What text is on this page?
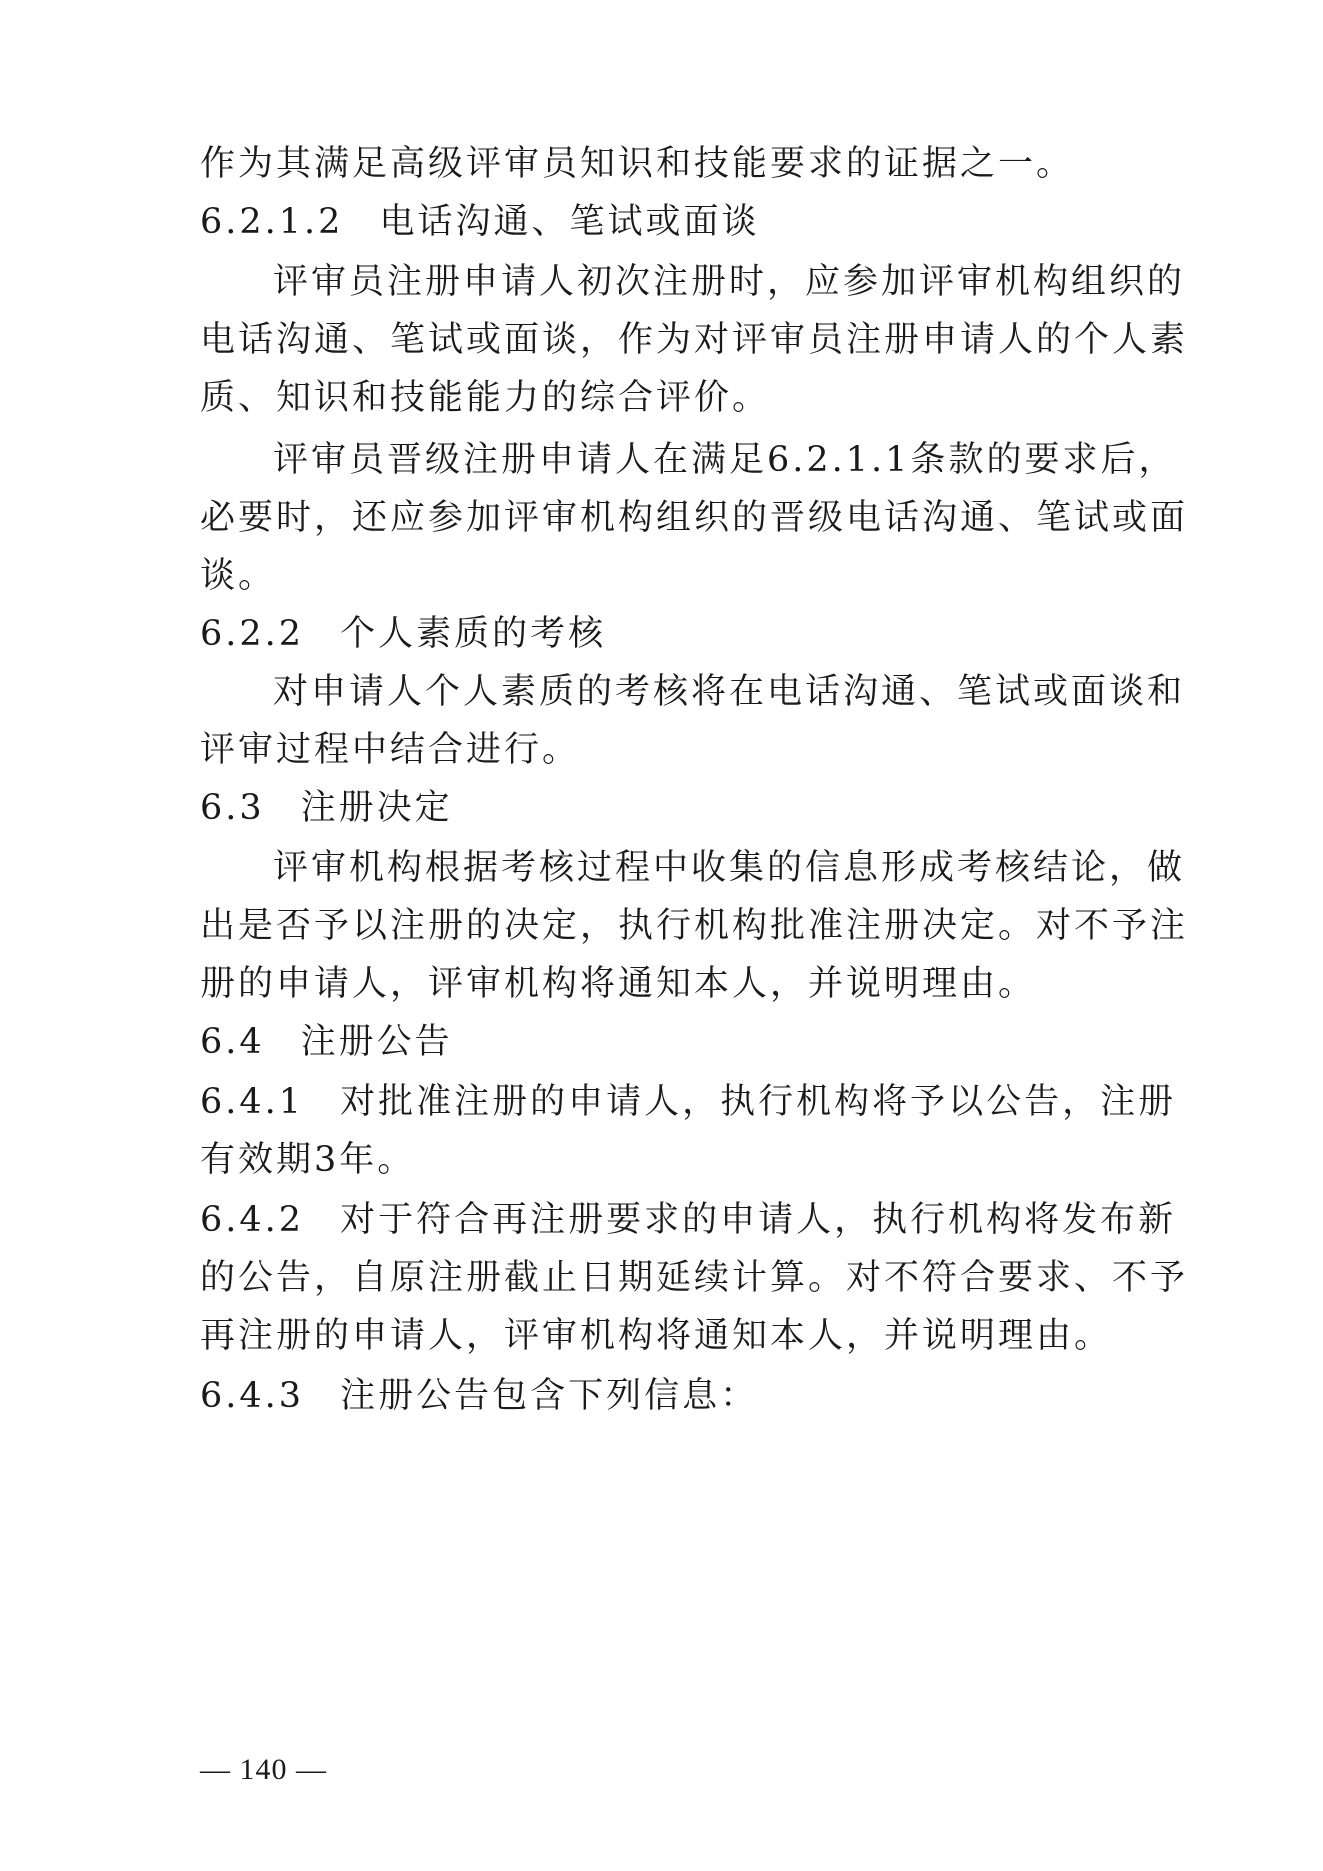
作为其满足高级评审员知识和技能要求的证据之一。
6.2.1.2 电话沟通、笔试或面谈
评审员注册申请人初次注册时，应参加评审机构组织的
电话沟通、笔试或面谈，作为对评审员注册申请人的个人素
质、知识和技能能力的综合评价。
评审员晋级注册申请人在满足6.2.1.1条款的要求后，
必要时，还应参加评审机构组织的晋级电话沟通、笔试或面
谈。
6.2.2 个人素质的考核
对申请人个人素质的考核将在电话沟通、笔试或面谈和
评审过程中结合进行。
6.3 注册决定
评审机构根据考核过程中收集的信息形成考核结论，做
出是否予以注册的决定，执行机构批准注册决定。对不予注
册的申请人，评审机构将通知本人，并说明理由。
6.4 注册公告
6.4.1 对批准注册的申请人，执行机构将予以公告，注册
有效期3年。
6.4.2 对于符合再注册要求的申请人，执行机构将发布新
的公告，自原注册截止日期延续计算。对不符合要求、不予
再注册的申请人，评审机构将通知本人，并说明理由。
6.4.3 注册公告包含下列信息：
— 140 —
